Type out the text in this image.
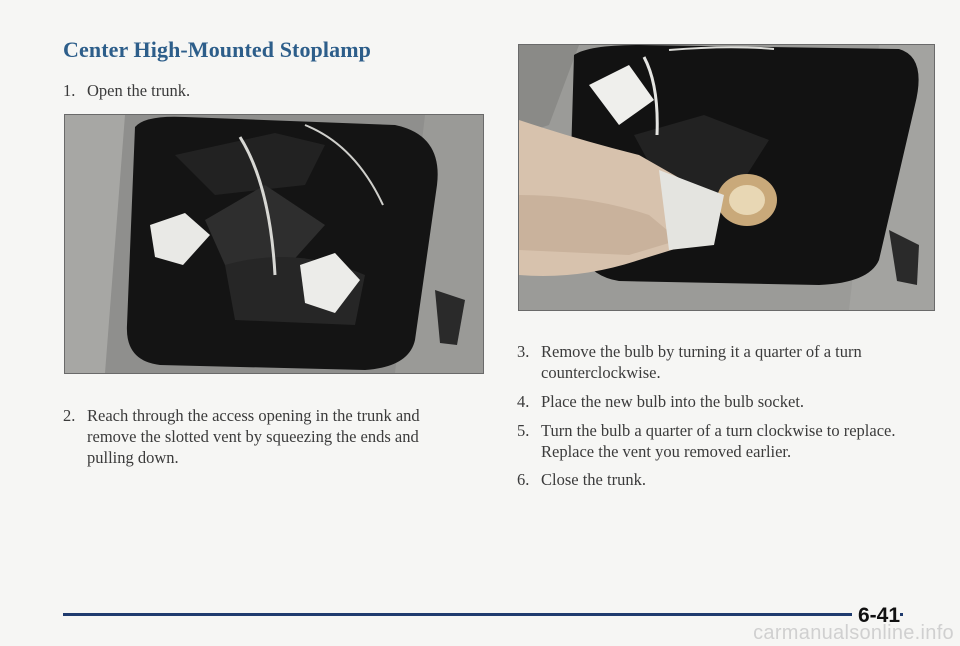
Center High-Mounted Stoplamp

1. Open the trunk.

2. Reach through the access opening in the trunk and remove the slotted vent by squeezing the ends and pulling down.

3. Remove the bulb by turning it a quarter of a turn counterclockwise.

4. Place the new bulb into the bulb socket.

5. Turn the bulb a quarter of a turn clockwise to replace. Replace the vent you removed earlier.

6. Close the trunk.

6-41

carmanualsonline.info
